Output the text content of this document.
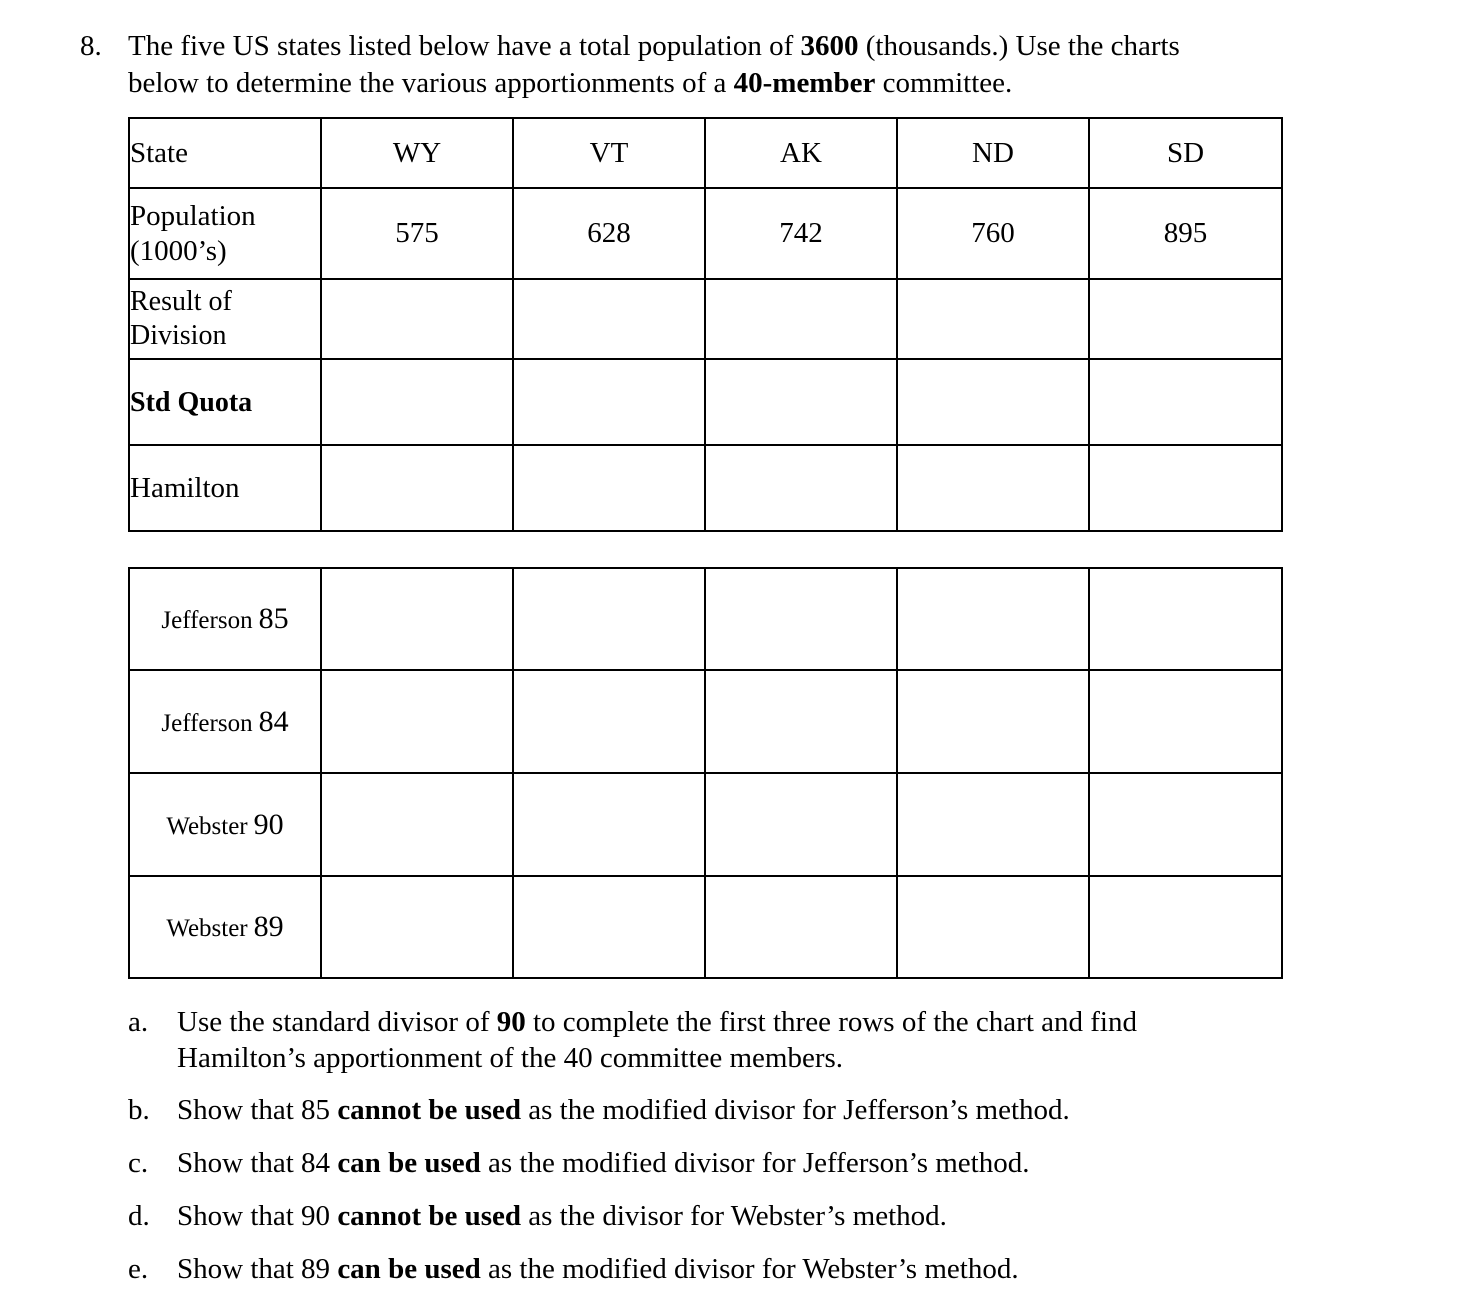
8. The five US states listed below have a total population of 3600 (thousands.) Use the charts
below to determine the various apportionments of a 40-member committee.
State	WY	VT	AK	ND	SD

Population
(1000’s)	575	628	742	760	895

Result of
Division					

Std Quota					
Hamilton					
Jefferson 85					
Jefferson 84					
Webster 90					
Webster 89					
a. Use the standard divisor of 90 to complete the first three rows of the chart and find
Hamilton’s apportionment of the 40 committee members.
b. Show that 85 cannot be used as the modified divisor for Jefferson’s method.
c. Show that 84 can be used as the modified divisor for Jefferson’s method.
d. Show that 90 cannot be used as the divisor for Webster’s method.
e. Show that 89 can be used as the modified divisor for Webster’s method.
